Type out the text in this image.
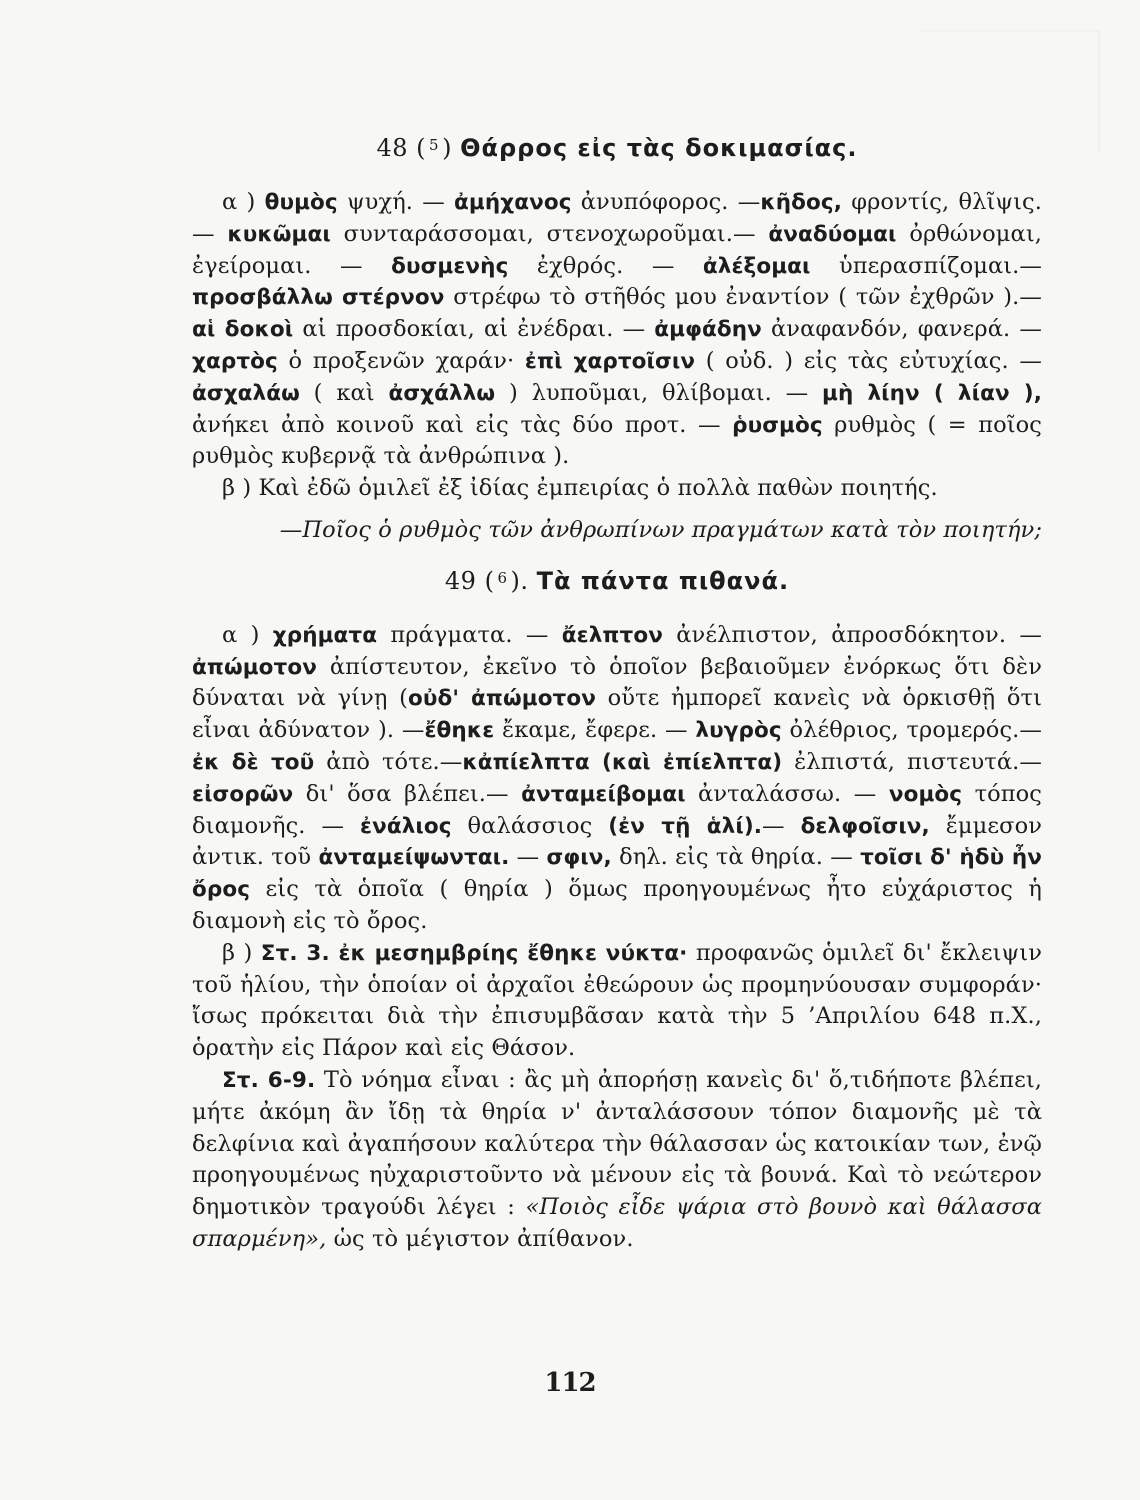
48 ( $^5$ ) Θάρρος εἰς τὰς δοκιμασίας.

α ) θυμὸς ψυχή. — ἀμήχανος ἀνυπόφορος. —κῆδος, φροντίς, θλῖψις. — κυκῶμαι συνταράσσομαι, στενοχωροῦμαι.— ἀναδύομαι ὀρθώνομαι, ἐγείρομαι. — δυσμενὴς ἐχθρός. — ἀλέξομαι ὑπερασπίζομαι.— προσβάλλω στέρνον στρέφω τὸ στῆθός μου ἐναντίον ( τῶν ἐχθρῶν ).— αἱ δοκοὶ αἱ προσδοκίαι, αἱ ἐνέδραι. — ἀμφάδην ἀναφανδόν, φανερά. — χαρτὸς ὁ προξενῶν χαράν· ἐπὶ χαρτοῖσιν ( οὐδ. ) εἰς τὰς εὐτυχίας. — ἀσχαλάω ( καὶ ἀσχάλλω ) λυποῦμαι, θλίβομαι. — μὴ λίην ( λίαν ), ἀνήκει ἀπὸ κοινοῦ καὶ εἰς τὰς δύο προτ. — ῥυσμὸς ρυθμὸς ( = ποῖος ρυθμὸς κυβερνᾷ τὰ ἀνθρώπινα ).

β ) Καὶ ἐδῶ ὁμιλεῖ ἐξ ἰδίας ἐμπειρίας ὁ πολλὰ παθὼν ποιητής.

—Ποῖος ὁ ρυθμὸς τῶν ἀνθρωπίνων πραγμάτων κατὰ τὸν ποιητήν;

49 ( $^6$ ). Τὰ πάντα πιθανά.

α ) χρήματα πράγματα. — ἄελπτον ἀνέλπιστον, ἀπροσδόκητον. — ἀπώμοτον ἀπίστευτον, ἐκεῖνο τὸ ὁποῖον βεβαιοῦμεν ἐνόρκως ὅτι δὲν δύναται νὰ γίνῃ (οὐδ' ἀπώμοτον οὔτε ἠμπορεῖ κανεὶς νὰ ὁρκισθῇ ὅτι εἶναι ἀδύνατον ). —ἔθηκε ἔκαμε, ἔφερε. — λυγρὸς ὀλέθριος, τρομερός.— ἐκ δὲ τοῦ ἀπὸ τότε.—κἀπίελπτα (καὶ ἐπίελπτα) ἐλπιστά, πιστευτά.— εἰσορῶν δι' ὅσα βλέπει.— ἀνταμείβομαι ἀνταλάσσω. — νομὸς τόπος διαμονῆς. — ἐνάλιος θαλάσσιος (ἐν τῇ ἁλί).— δελφοῖσιν, ἔμμεσον ἀντικ. τοῦ ἀνταμείψωνται. — σφιν, δηλ. εἰς τὰ θηρία. — τοῖσι δ' ἡδὺ ἦν ὄρος εἰς τὰ ὁποῖα ( θηρία ) ὅμως προηγουμένως ἦτο εὐχάριστος ἡ διαμονὴ εἰς τὸ ὄρος.

β ) Στ. 3. ἐκ μεσημβρίης ἔθηκε νύκτα· προφανῶς ὁμιλεῖ δι' ἔκλειψιν τοῦ ἡλίου, τὴν ὁποίαν οἱ ἀρχαῖοι ἐθεώρουν ὡς προμηνύουσαν συμφοράν· ἴσως πρόκειται διὰ τὴν ἐπισυμβᾶσαν κατὰ τὴν 5 ’Απριλίου 648 π.Χ., ὁρατὴν εἰς Πάρον καὶ εἰς Θάσον.

Στ. 6-9. Τὸ νόημα εἶναι : ἂς μὴ ἀπορήσῃ κανεὶς δι' ὅ,τιδήποτε βλέπει, μήτε ἀκόμη ἂν ἴδῃ τὰ θηρία ν' ἀνταλάσσουν τόπον διαμονῆς μὲ τὰ δελφίνια καὶ ἀγαπήσουν καλύτερα τὴν θάλασσαν ὡς κατοικίαν των, ἐνῷ προηγουμένως ηὐχαριστοῦντο νὰ μένουν εἰς τὰ βουνά. Καὶ τὸ νεώτερον δημοτικὸν τραγούδι λέγει : «Ποιὸς εἶδε ψάρια στὸ βουνὸ καὶ θάλασσα σπαρμένη», ὡς τὸ μέγιστον ἀπίθανον.

112
